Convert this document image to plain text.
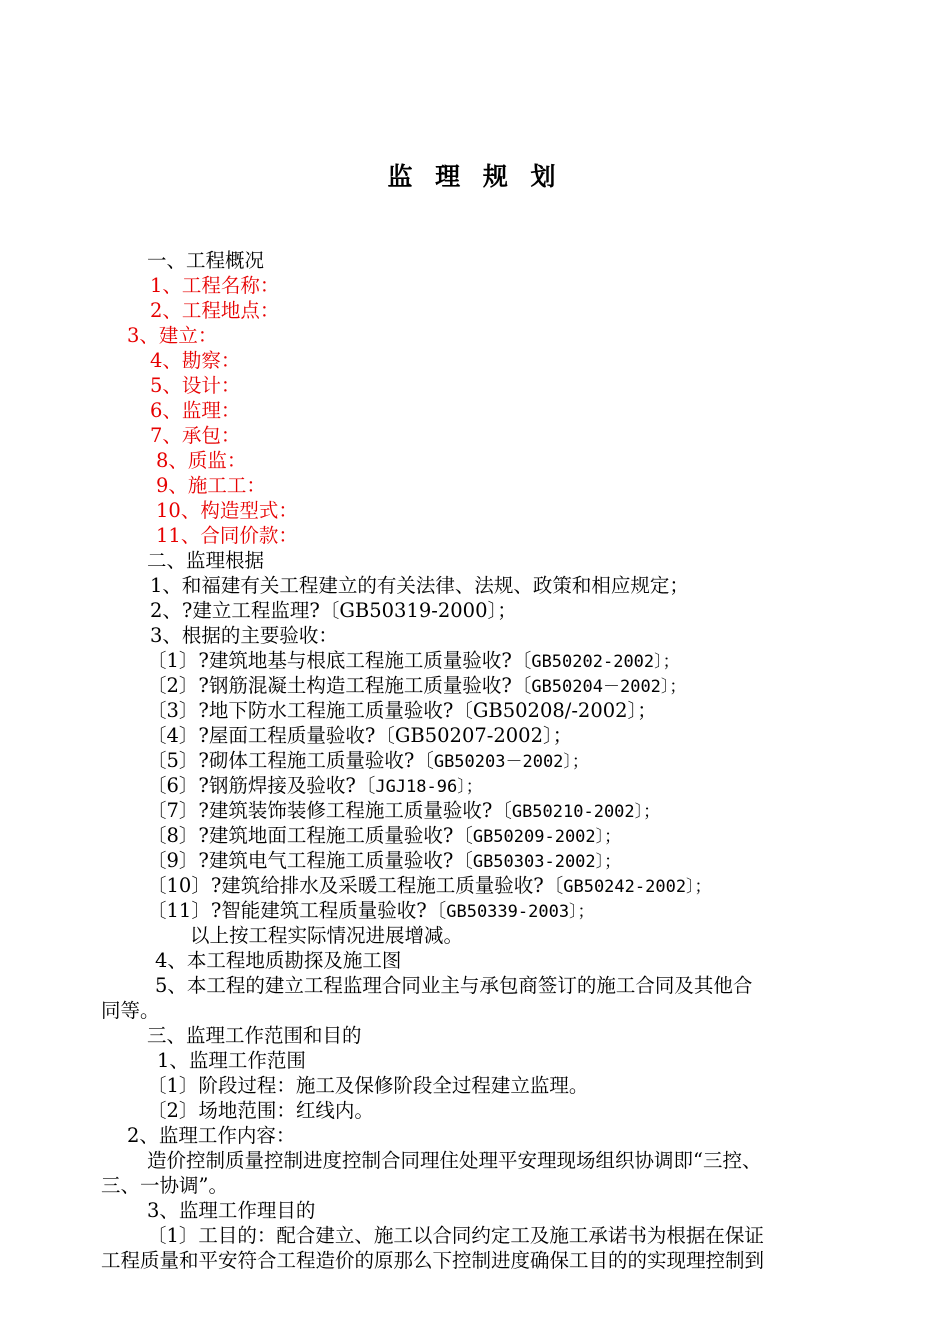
监 理 规 划
一、工程概况
1、工程名称：
2、工程地点：
3、建立：
4、勘察：
5、设计：
6、监理：
7、承包：
8、质监：
9、施工工：
10、构造型式：
11、合同价款：
二、监理根据
1、和福建有关工程建立的有关法律、法规、政策和相应规定；
2、?建立工程监理?〔GB50319-2000〕；
3、根据的主要验收：
〔1〕?建筑地基与根底工程施工质量验收?〔GB50202-2002〕；
〔2〕?钢筋混凝土构造工程施工质量验收?〔GB50204－2002〕；
〔3〕?地下防水工程施工质量验收?〔GB50208/-2002〕；
〔4〕?屋面工程质量验收?〔GB50207-2002〕；
〔5〕?砌体工程施工质量验收?〔GB50203－2002〕；
〔6〕?钢筋焊接及验收?〔JGJ18-96〕；
〔7〕?建筑装饰装修工程施工质量验收?〔GB50210-2002〕；
〔8〕?建筑地面工程施工质量验收?〔GB50209-2002〕；
〔9〕?建筑电气工程施工质量验收?〔GB50303-2002〕；
〔10〕?建筑给排水及采暖工程施工质量验收?〔GB50242-2002〕；
〔11〕?智能建筑工程质量验收?〔GB50339-2003〕；
以上按工程实际情况进展增减。
4、本工程地质勘探及施工图
5、本工程的建立工程监理合同业主与承包商签订的施工合同及其他合
同等。
三、监理工作范围和目的
1、监理工作范围
〔1〕阶段过程：施工及保修阶段全过程建立监理。
〔2〕场地范围：红线内。
2、监理工作内容：
造价控制质量控制进度控制合同理住处理平安理现场组织协调即“三控、
三、一协调”。
3、监理工作理目的
〔1〕工目的：配合建立、施工以合同约定工及施工承诺书为根据在保证
工程质量和平安符合工程造价的原那么下控制进度确保工目的的实现理控制到
